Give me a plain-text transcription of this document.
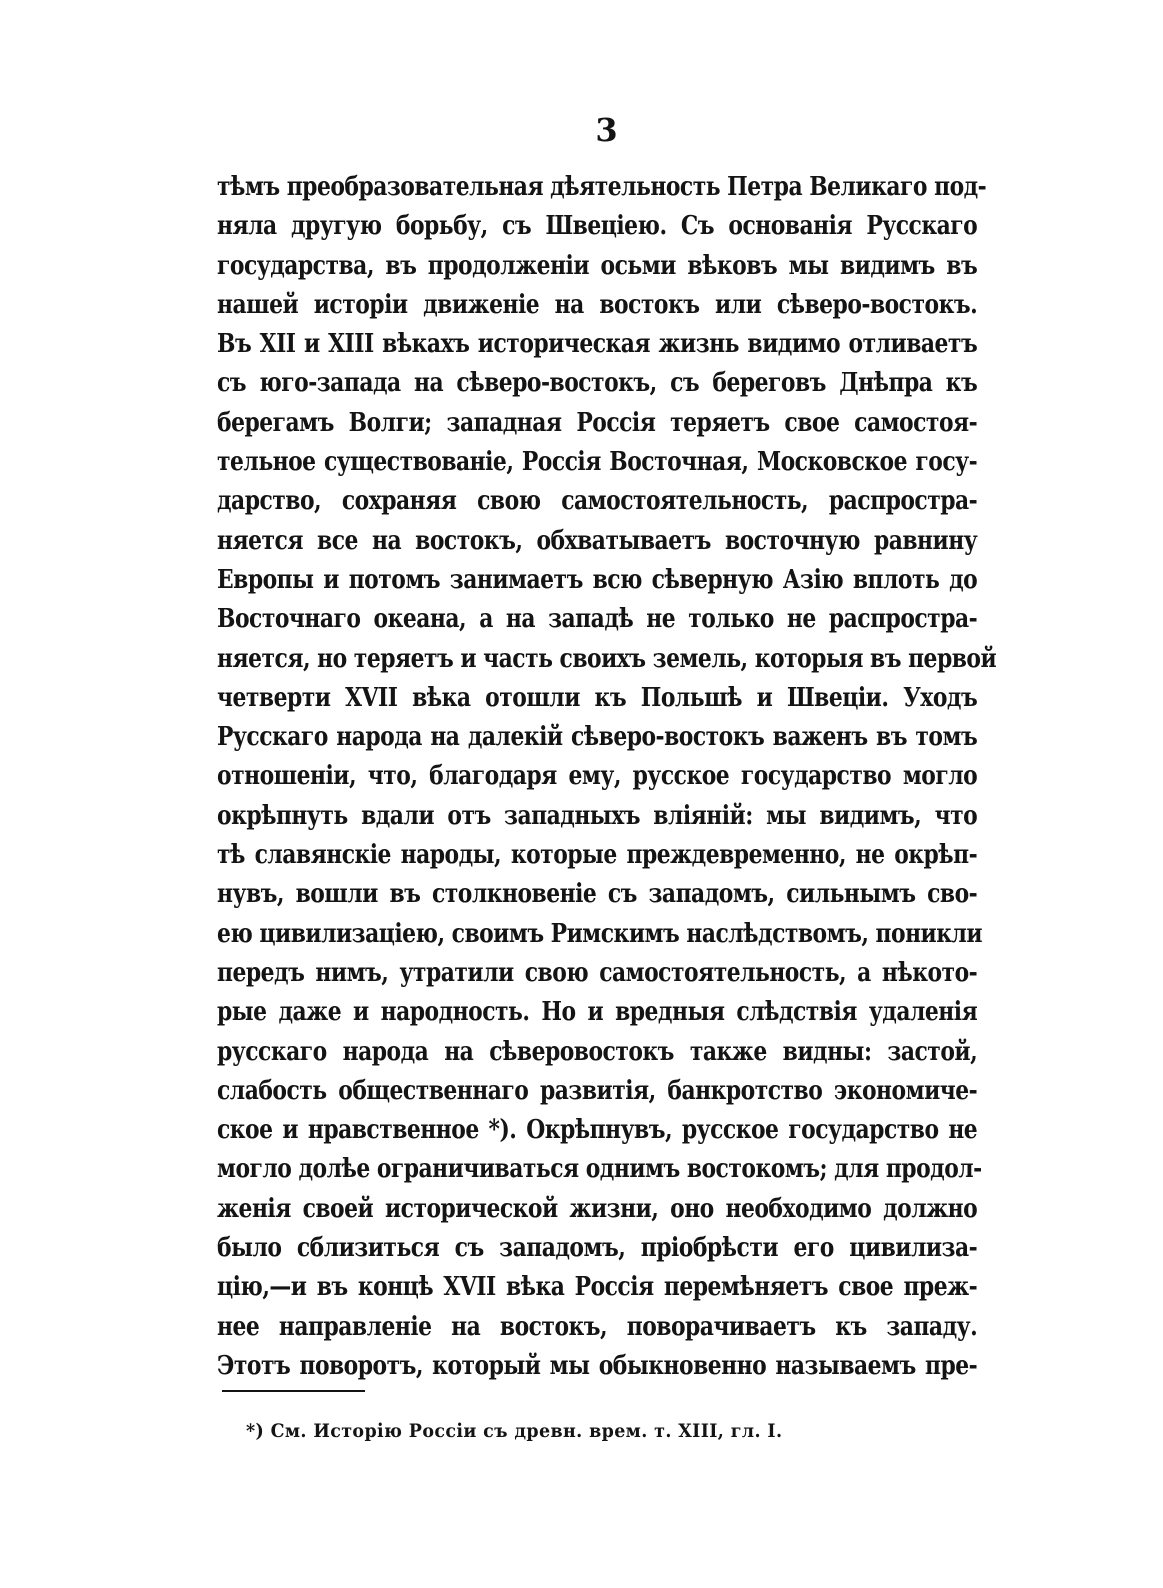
3
тѣмъ преобразовательная дѣятельность Петра Великаго под-
няла другую борьбу, съ Швеціею. Съ основанія Русскаго
государства, въ продолженіи осьми вѣковъ мы видимъ въ
нашей исторіи движеніе на востокъ или сѣверо-востокъ.
Въ XII и XIII вѣкахъ историческая жизнь видимо отливаетъ
съ юго-запада на сѣверо-востокъ, съ береговъ Днѣпра къ
берегамъ Волги; западная Россія теряетъ свое самостоя-
тельное существованіе, Россія Восточная, Московское госу-
дарство, сохраняя свою самостоятельность, распростра-
няется все на востокъ, обхватываетъ восточную равнину
Европы и потомъ занимаетъ всю сѣверную Азію вплоть до
Восточнаго океана, а на западѣ не только не распростра-
няется, но теряетъ и часть своихъ земель, которыя въ первой
четверти XVII вѣка отошли къ Польшѣ и Швеціи. Уходъ
Русскаго народа на далекій сѣверо-востокъ важенъ въ томъ
отношеніи, что, благодаря ему, русское государство могло
окрѣпнуть вдали отъ западныхъ вліяній: мы видимъ, что
тѣ славянскіе народы, которые преждевременно, не окрѣп-
нувъ, вошли въ столкновеніе съ западомъ, сильнымъ сво-
ею цивилизаціею, своимъ Римскимъ наслѣдствомъ, поникли
передъ нимъ, утратили свою самостоятельность, а нѣкото-
рые даже и народность. Но и вредныя слѣдствія удаленія
русскаго народа на сѣверовостокъ также видны: застой,
слабость общественнаго развитія, банкротство экономиче-
ское и нравственное *). Окрѣпнувъ, русское государство не
могло долѣе ограничиваться однимъ востокомъ; для продол-
женія своей исторической жизни, оно необходимо должно
было сблизиться съ западомъ, пріобрѣсти его цивилиза-
цію,—и въ концѣ XVII вѣка Россія перемѣняетъ свое преж-
нее направленіе на востокъ, поворачиваетъ къ западу.
Этотъ поворотъ, который мы обыкновенно называемъ пре-
*) См. Исторію Россіи съ древн. врем. т. XIII, гл. I.
